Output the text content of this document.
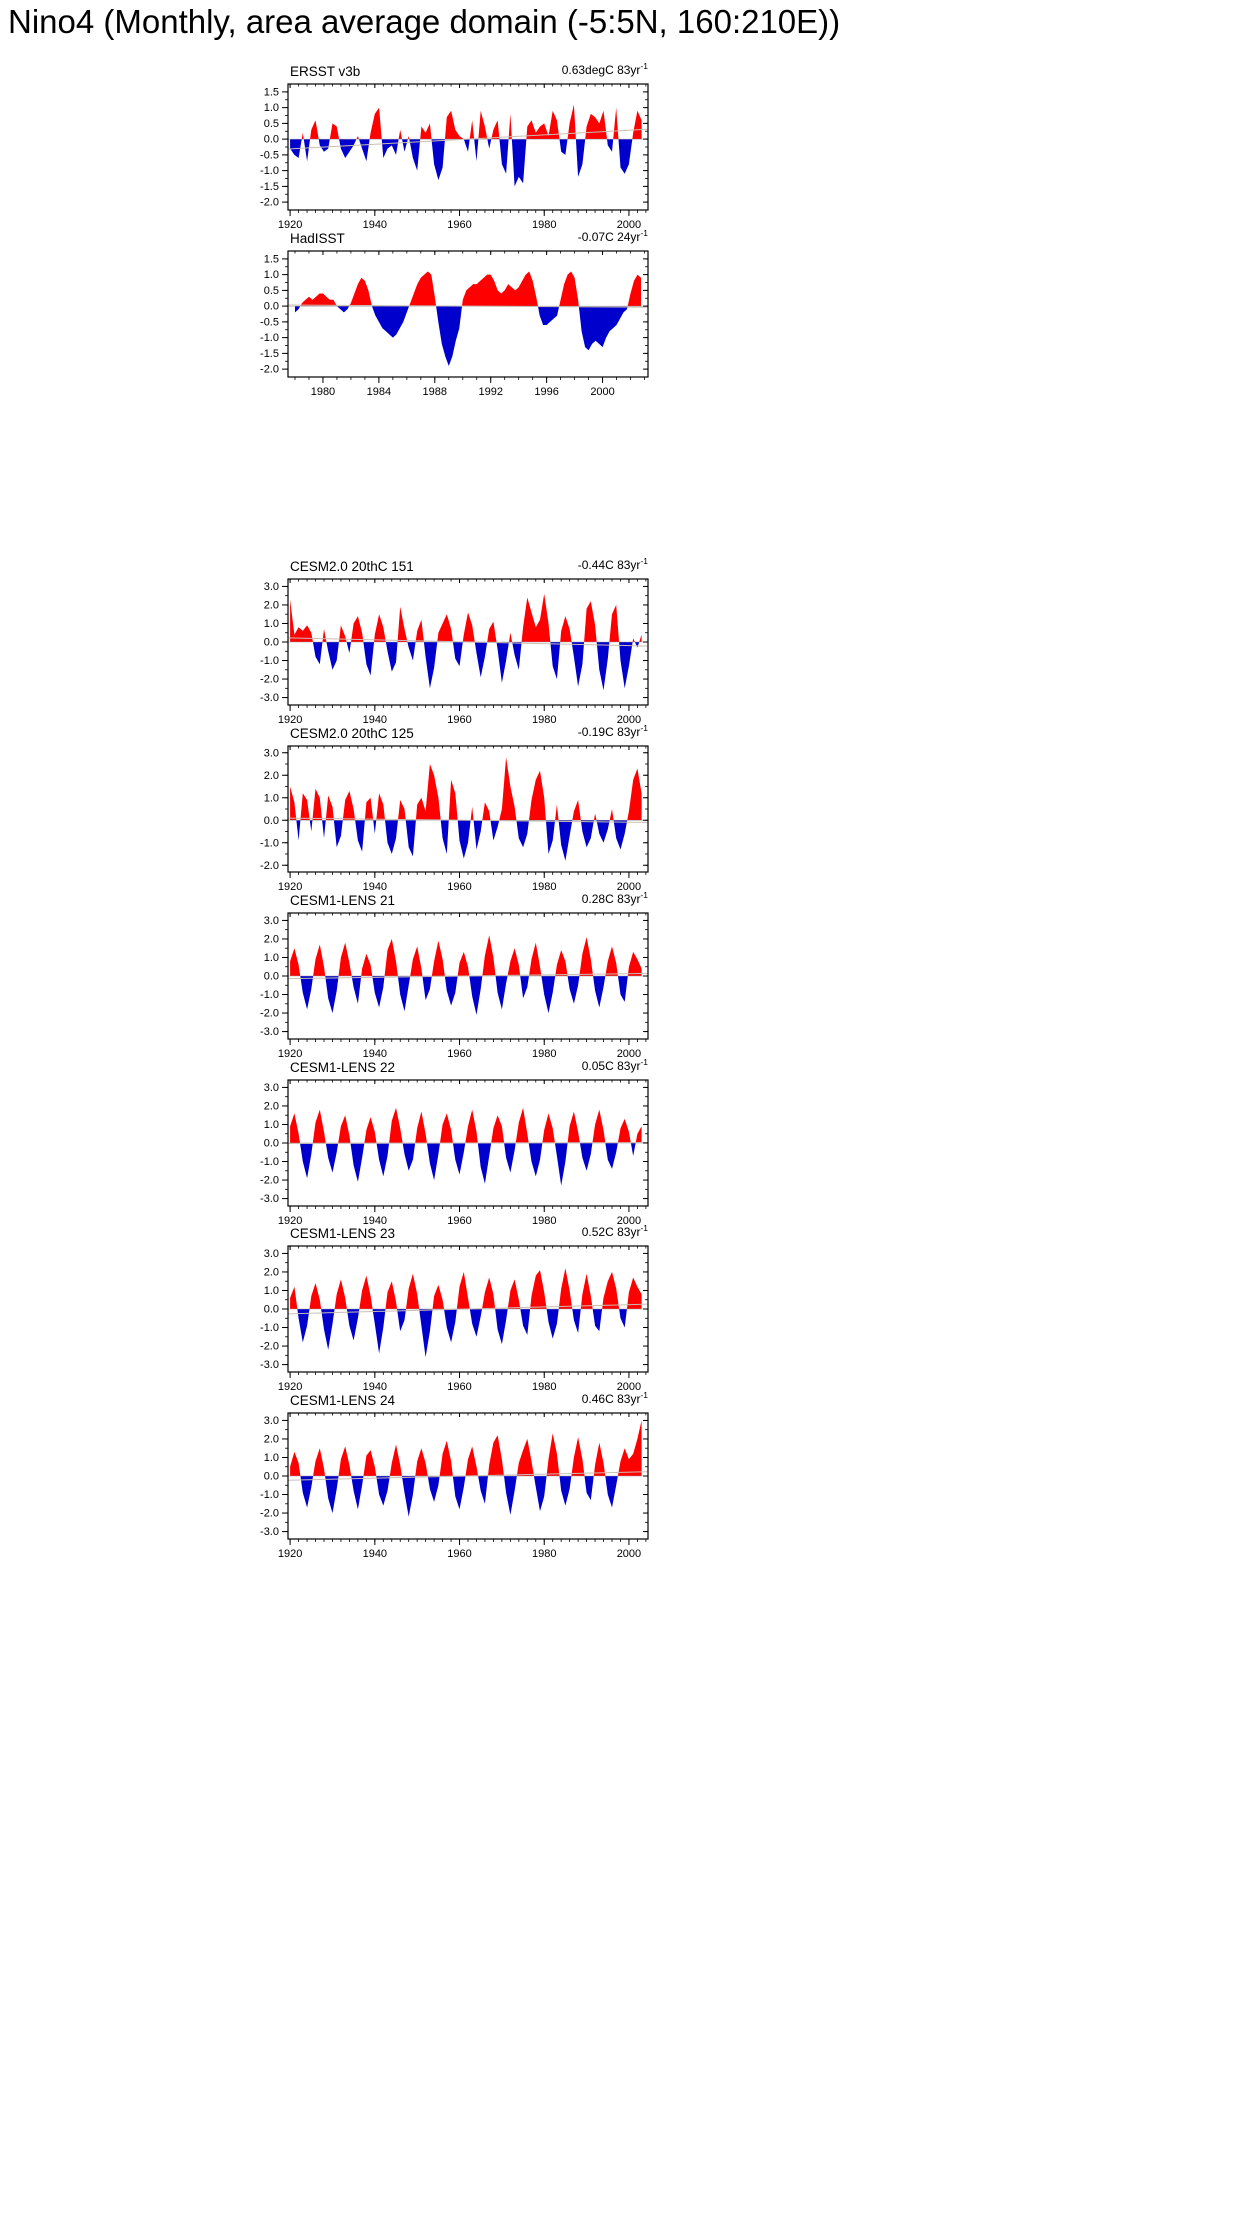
Nino4 (Monthly, area average domain (-5:5N, 160:210E))
1.5
1.0
0.5
0.0
-0.5
-1.0
-1.5
-2.0
1920	1940	1960	1980	2000
ERSST v3b	0.63degC $83yr^{-1}$
1.5
1.0
0.5
0.0
-0.5
-1.0
-1.5
-2.0
1980	1984	1988	1992	1996	2000
HadISST	-0.07C $24yr^{-1}$
3.0
2.0
1.0
0.0
-1.0
-2.0
-3.0
1920	1940	1960	1980	2000
CESM2.0 20thC 151	-0.44C $83yr^{-1}$
3.0
2.0
1.0
0.0
-1.0
-2.0
1920	1940	1960	1980	2000
CESM2.0 20thC 125	-0.19C $83yr^{-1}$
3.0
2.0
1.0
0.0
-1.0
-2.0
-3.0
1920	1940	1960	1980	2000
CESM1-LENS 21	0.28C $83yr^{-1}$
3.0
2.0
1.0
0.0
-1.0
-2.0
-3.0
1920	1940	1960	1980	2000
CESM1-LENS 22	0.05C $83yr^{-1}$
3.0
2.0
1.0
0.0
-1.0
-2.0
-3.0
1920	1940	1960	1980	2000
CESM1-LENS 23	0.52C $83yr^{-1}$
3.0
2.0
1.0
0.0
-1.0
-2.0
-3.0
1920	1940	1960	1980	2000
CESM1-LENS 24	0.46C $83yr^{-1}$
